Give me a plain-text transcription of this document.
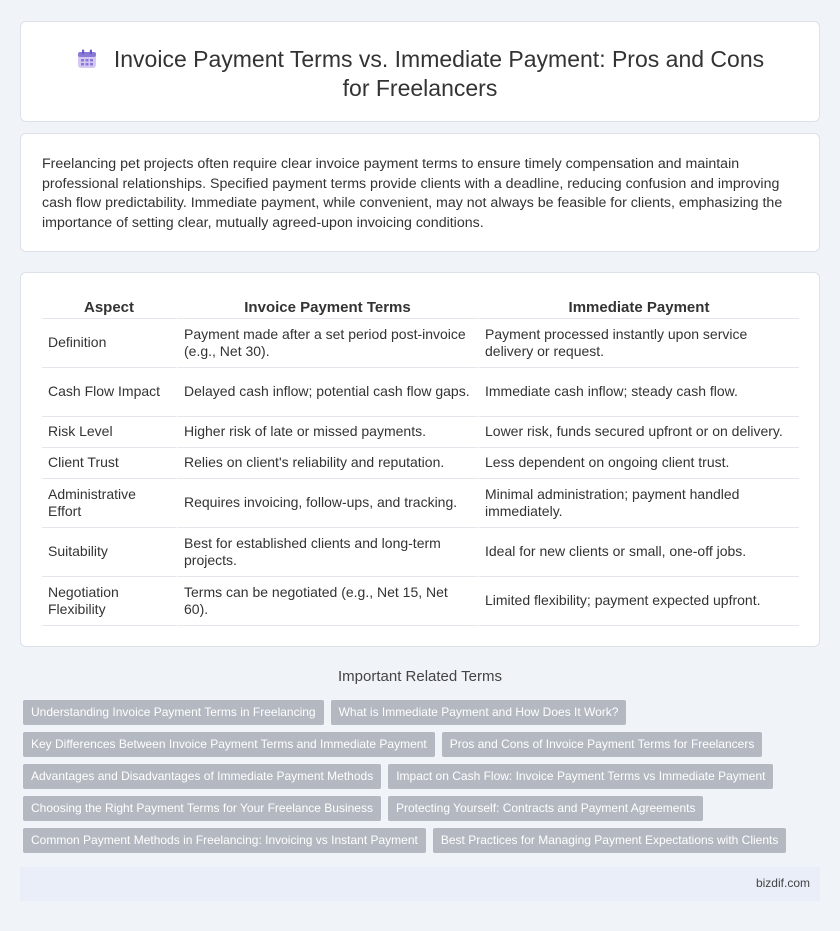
Invoice Payment Terms vs. Immediate Payment: Pros and Cons
for Freelancers

Freelancing pet projects often require clear invoice payment terms to ensure timely compensation and maintain professional relationships. Specified payment terms provide clients with a deadline, reducing confusion and improving cash flow predictability. Immediate payment, while convenient, may not always be feasible for clients, emphasizing the importance of setting clear, mutually agreed-upon invoicing conditions.

Aspect	Invoice Payment Terms	Immediate Payment
Definition	Payment made after a set period post-invoice (e.g., Net 30).	Payment processed instantly upon service delivery or request.
Cash Flow Impact	Delayed cash inflow; potential cash flow gaps.	Immediate cash inflow; steady cash flow.
Risk Level	Higher risk of late or missed payments.	Lower risk, funds secured upfront or on delivery.
Client Trust	Relies on client's reliability and reputation.	Less dependent on ongoing client trust.
Administrative Effort	Requires invoicing, follow-ups, and tracking.	Minimal administration; payment handled immediately.
Suitability	Best for established clients and long-term projects.	Ideal for new clients or small, one-off jobs.
Negotiation Flexibility	Terms can be negotiated (e.g., Net 15, Net 60).	Limited flexibility; payment expected upfront.
Important Related Terms
Understanding Invoice Payment Terms in Freelancing	What is Immediate Payment and How Does It Work?
Key Differences Between Invoice Payment Terms and Immediate Payment	Pros and Cons of Invoice Payment Terms for Freelancers
Advantages and Disadvantages of Immediate Payment Methods	Impact on Cash Flow: Invoice Payment Terms vs Immediate Payment
Choosing the Right Payment Terms for Your Freelance Business	Protecting Yourself: Contracts and Payment Agreements
Common Payment Methods in Freelancing: Invoicing vs Instant Payment	Best Practices for Managing Payment Expectations with Clients
bizdif.com
